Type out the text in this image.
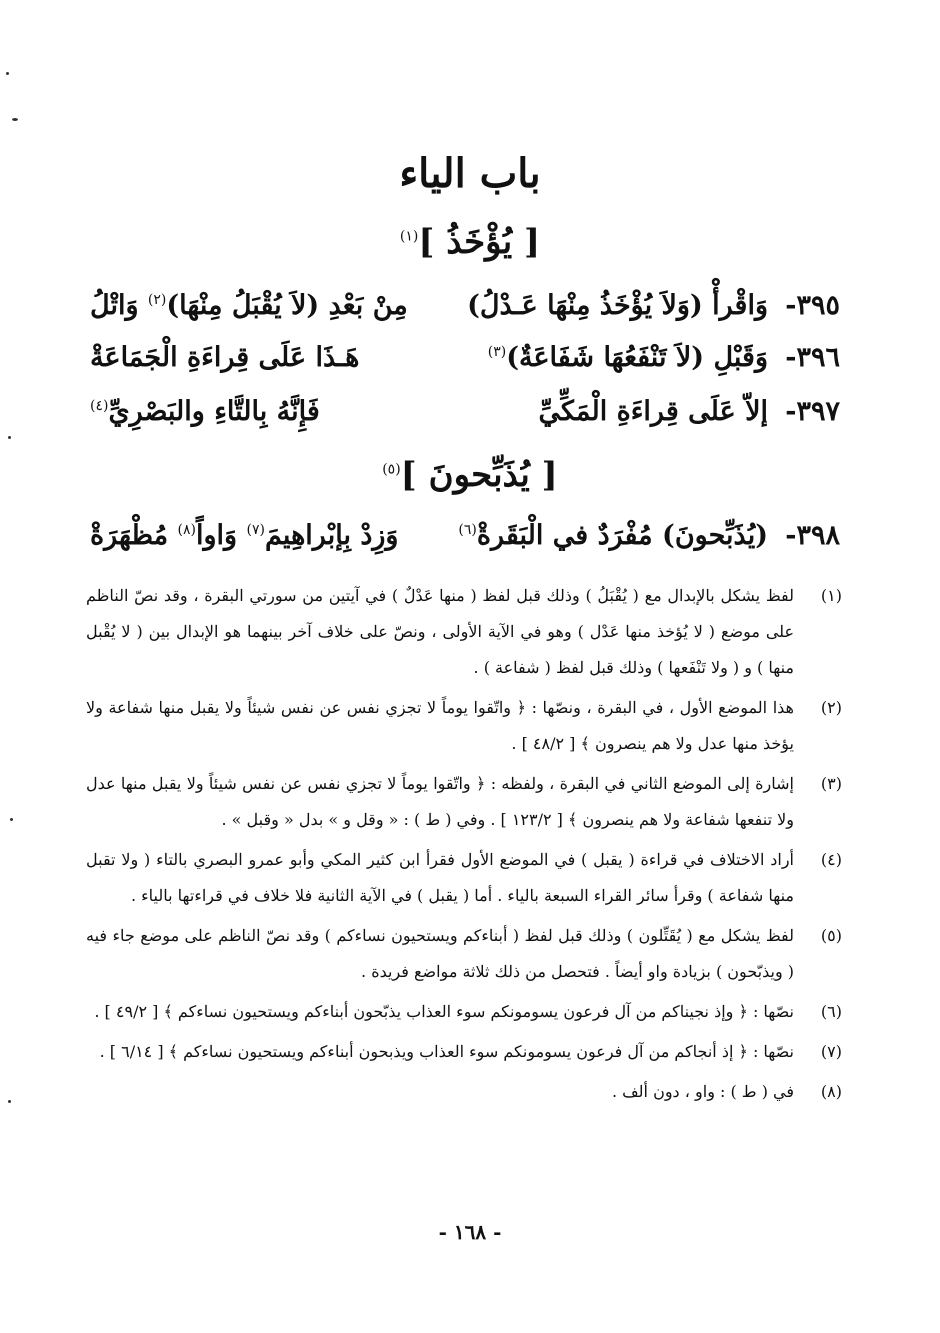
باب الياء
[ يُؤْخَذُ ]$^{(١)}$
٣٩٥-
وَاقْرأْ (وَلاَ يُؤْخَذُ مِنْهَا عَـدْلُ)
مِنْ بَعْدِ (لاَ يُقْبَلُ مِنْهَا)$^{(٢)}$ وَاتْلُ
٣٩٦-
وَقَبْلِ (لاَ تَنْفَعُهَا شَفَاعَةٌ)$^{(٣)}$
هَـذَا عَلَى قِراءَةِ الْجَمَاعَةْ
٣٩٧-
إلاّ عَلَى قِراءَةِ الْمَكِّيِّ
فَإِنَّهُ بِالتَّاءِ والبَصْرِيِّ$^{(٤)}$
[ يُذَبِّحونَ ]$^{(٥)}$
٣٩٨-
(يُذَبِّحونَ) مُفْرَدٌ في الْبَقَرةْ$^{(٦)}$
وَزِدْ بِإبْراهِيمَ$^{(٧)}$ وَاواً$^{(٨)}$ مُظْهَرَةْ
(١)
لفظ يشكل بالإبدال مع ( يُقْبَلُ ) وذلك قبل لفظ ( منها عَدْلٌ ) في آيتين من سورتي البقرة ، وقد نصّ الناظم على موضع ( لا يُؤخذ منها عَدْل ) وهو في الآية الأولى ، ونصّ على خلاف آخر بينهما هو الإبدال بين ( لا يُقْبل منها ) و ( ولا تَنْفَعها ) وذلك قبل لفظ ( شفاعة ) .
(٢)
هذا الموضع الأول ، في البقرة ، ونصّها : ﴿ واتّقوا يوماً لا تجزي نفس عن نفس شيئاً ولا يقبل منها شفاعة ولا يؤخذ منها عدل ولا هم ينصرون ﴾ [ ٤٨/٢ ] .
(٣)
إشارة إلى الموضع الثاني في البقرة ، ولفظه : ﴿ واتّقوا يوماً لا تجزي نفس عن نفس شيئاً ولا يقبل منها عدل ولا تنفعها شفاعة ولا هم ينصرون ﴾ [ ١٢٣/٢ ] . وفي ( ط ) : « وقل و » بدل « وقبل » .
(٤)
أراد الاختلاف في قراءة ( يقبل ) في الموضع الأول فقرأ ابن كثير المكي وأبو عمرو البصري بالتاء ( ولا تقبل منها شفاعة ) وقرأ سائر القراء السبعة بالياء . أما ( يقبل ) في الآية الثانية فلا خلاف في قراءتها بالياء .
(٥)
لفظ يشكل مع ( يُقَتِّلون ) وذلك قبل لفظ ( أبناءكم ويستحيون نساءكم ) وقد نصّ الناظم على موضع جاء فيه ( ويذبّحون ) بزيادة واو أيضاً . فتحصل من ذلك ثلاثة مواضع فريدة .
(٦)
نصّها : ﴿ وإذ نجيناكم من آل فرعون يسومونكم سوء العذاب يذبّحون أبناءكم ويستحيون نساءكم ﴾ [ ٤٩/٢ ] .
(٧)
نصّها : ﴿ إذ أنجاكم من آل فرعون يسومونكم سوء العذاب ويذبحون أبناءكم ويستحيون نساءكم ﴾ [ ٦/١٤ ] .
(٨)
في ( ط ) : واو ، دون ألف .
- ١٦٨ -
